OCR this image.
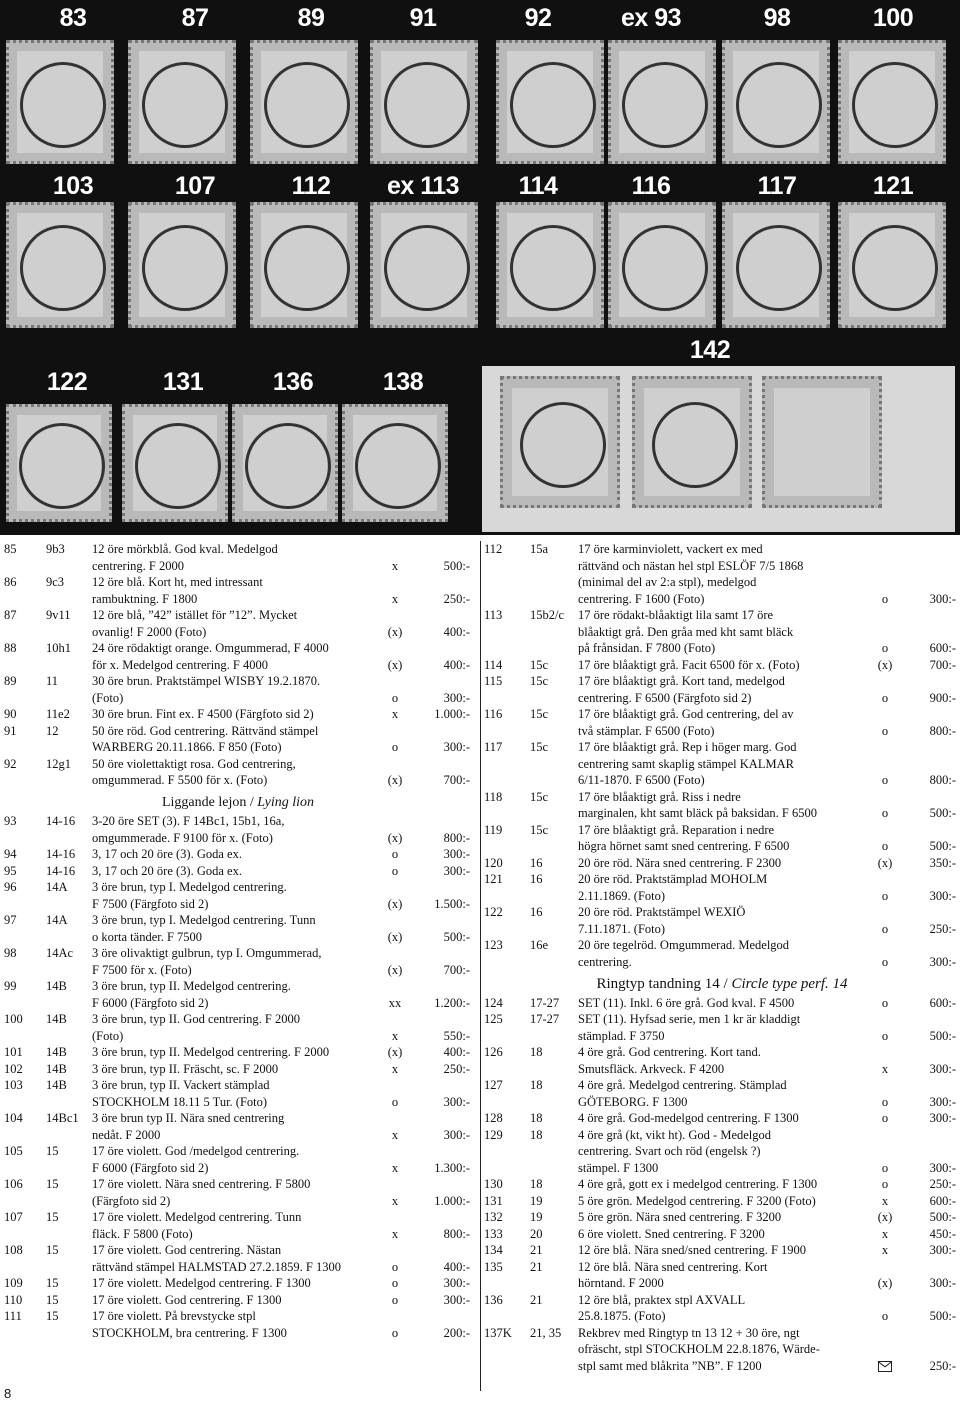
83	87	89	91	92	ex 93	98	100
103	107	112	ex 113	114	116	117	121
122	131	136	138
142
85	9b3	12 öre mörkblå. God kval. Medelgod
centrering. F 2000	x	500:-
86	9c3	12 öre blå. Kort ht, med intressant
rambuktning. F 1800	x	250:-
87	9v11	12 öre blå, ”42” istället för ”12”. Mycket
ovanlig! F 2000 (Foto)	(x)	400:-
88	10h1	24 öre rödaktigt orange. Omgummerad, F 4000
för x. Medelgod centrering. F 4000	(x)	400:-
89	11	30 öre brun. Praktstämpel WISBY 19.2.1870.
(Foto)	o	300:-
90	11e2	30 öre brun. Fint ex. F 4500 (Färgfoto sid 2)	x	1.000:-
91	12	50 öre röd. God centrering. Rättvänd stämpel
WARBERG 20.11.1866. F 850 (Foto)	o	300:-
92	12g1	50 öre violettaktigt rosa. God centrering,
omgummerad. F 5500 för x. (Foto)	(x)	700:-
Liggande lejon / Lying lion
93	14-16	3-20 öre SET (3). F 14Bc1, 15b1, 16a,
omgummerade. F 9100 för x. (Foto)	(x)	800:-
94	14-16	3, 17 och 20 öre (3). Goda ex.	o	300:-
95	14-16	3, 17 och 20 öre (3). Goda ex.	o	300:-
96	14A	3 öre brun, typ I. Medelgod centrering.
F 7500 (Färgfoto sid 2)	(x)	1.500:-
97	14A	3 öre brun, typ I. Medelgod centrering. Tunn
o korta tänder. F 7500	(x)	500:-
98	14Ac	3 öre olivaktigt gulbrun, typ I. Omgummerad,
F 7500 för x. (Foto)	(x)	700:-
99	14B	3 öre brun, typ II. Medelgod centrering.
F 6000 (Färgfoto sid 2)	xx	1.200:-
100	14B	3 öre brun, typ II. God centrering. F 2000
(Foto)	x	550:-
101	14B	3 öre brun, typ II. Medelgod centrering. F 2000	(x)	400:-
102	14B	3 öre brun, typ II. Fräscht, sc. F 2000	x	250:-
103	14B	3 öre brun, typ II. Vackert stämplad
STOCKHOLM 18.11 5 Tur. (Foto)	o	300:-
104	14Bc1	3 öre brun typ II. Nära sned centrering
nedåt. F 2000	x	300:-
105	15	17 öre violett. God /medelgod centrering.
F 6000 (Färgfoto sid 2)	x	1.300:-
106	15	17 öre violett. Nära sned centrering. F 5800
(Färgfoto sid 2)	x	1.000:-
107	15	17 öre violett. Medelgod centrering. Tunn
fläck. F 5800 (Foto)	x	800:-
108	15	17 öre violett. God centrering. Nästan
rättvänd stämpel HALMSTAD 27.2.1859. F 1300	o	400:-
109	15	17 öre violett. Medelgod centrering. F 1300	o	300:-
110	15	17 öre violett. God centrering. F 1300	o	300:-
111	15	17 öre violett. På brevstycke stpl
STOCKHOLM, bra centrering. F 1300	o	200:-
112	15a	17 öre karminviolett, vackert ex med
rättvänd och nästan hel stpl ESLÖF 7/5 1868
(minimal del av 2:a stpl), medelgod
centrering. F 1600 (Foto)	o	300:-
113	15b2/c	17 öre rödakt-blåaktigt lila samt 17 öre
blåaktigt grå. Den gråa med kht samt bläck
på frånsidan. F 7800 (Foto)	o	600:-
114	15c	17 öre blåaktigt grå. Facit 6500 för x. (Foto)	(x)	700:-
115	15c	17 öre blåaktigt grå. Kort tand, medelgod
centrering. F 6500 (Färgfoto sid 2)	o	900:-
116	15c	17 öre blåaktigt grå. God centrering, del av
två stämplar. F 6500 (Foto)	o	800:-
117	15c	17 öre blåaktigt grå. Rep i höger marg. God
centrering samt skaplig stämpel KALMAR
6/11-1870. F 6500 (Foto)	o	800:-
118	15c	17 öre blåaktigt grå. Riss i nedre
marginalen, kht samt bläck på baksidan. F 6500	o	500:-
119	15c	17 öre blåaktigt grå. Reparation i nedre
högra hörnet samt sned centrering. F 6500	o	500:-
120	16	20 öre röd. Nära sned centrering. F 2300	(x)	350:-
121	16	20 öre röd. Praktstämplad MOHOLM
2.11.1869. (Foto)	o	300:-
122	16	20 öre röd. Praktstämpel WEXIÖ
7.11.1871. (Foto)	o	250:-
123	16e	20 öre tegelröd. Omgummerad. Medelgod
centrering.	o	300:-
Ringtyp tandning 14 / Circle type perf. 14
124	17-27	SET (11). Inkl. 6 öre grå. God kval. F 4500	o	600:-
125	17-27	SET (11). Hyfsad serie, men 1 kr är kladdigt
stämplad. F 3750	o	500:-
126	18	4 öre grå. God centrering. Kort tand.
Smutsfläck. Arkveck. F 4200	x	300:-
127	18	4 öre grå. Medelgod centrering. Stämplad
GÖTEBORG. F 1300	o	300:-
128	18	4 öre grå. God-medelgod centrering. F 1300	o	300:-
129	18	4 öre grå (kt, vikt ht). God - Medelgod
centrering. Svart och röd (engelsk ?)
stämpel. F 1300	o	300:-
130	18	4 öre grå, gott ex i medelgod centrering. F 1300	o	250:-
131	19	5 öre grön. Medelgod centrering. F 3200 (Foto)	x	600:-
132	19	5 öre grön. Nära sned centrering. F 3200	(x)	500:-
133	20	6 öre violett. Sned centrering. F 3200	x	450:-
134	21	12 öre blå. Nära sned/sned centrering. F 1900	x	300:-
135	21	12 öre blå. Nära sned centrering. Kort
hörntand. F 2000	(x)	300:-
136	21	12 öre blå, praktex stpl AXVALL
25.8.1875. (Foto)	o	500:-
137K	21, 35	Rekbrev med Ringtyp tn 13 12 + 30 öre, ngt
ofräscht, stpl STOCKHOLM 22.8.1876, Wärde-
stpl samt med blåkrita ”NB”. F 1200	250:-
8
